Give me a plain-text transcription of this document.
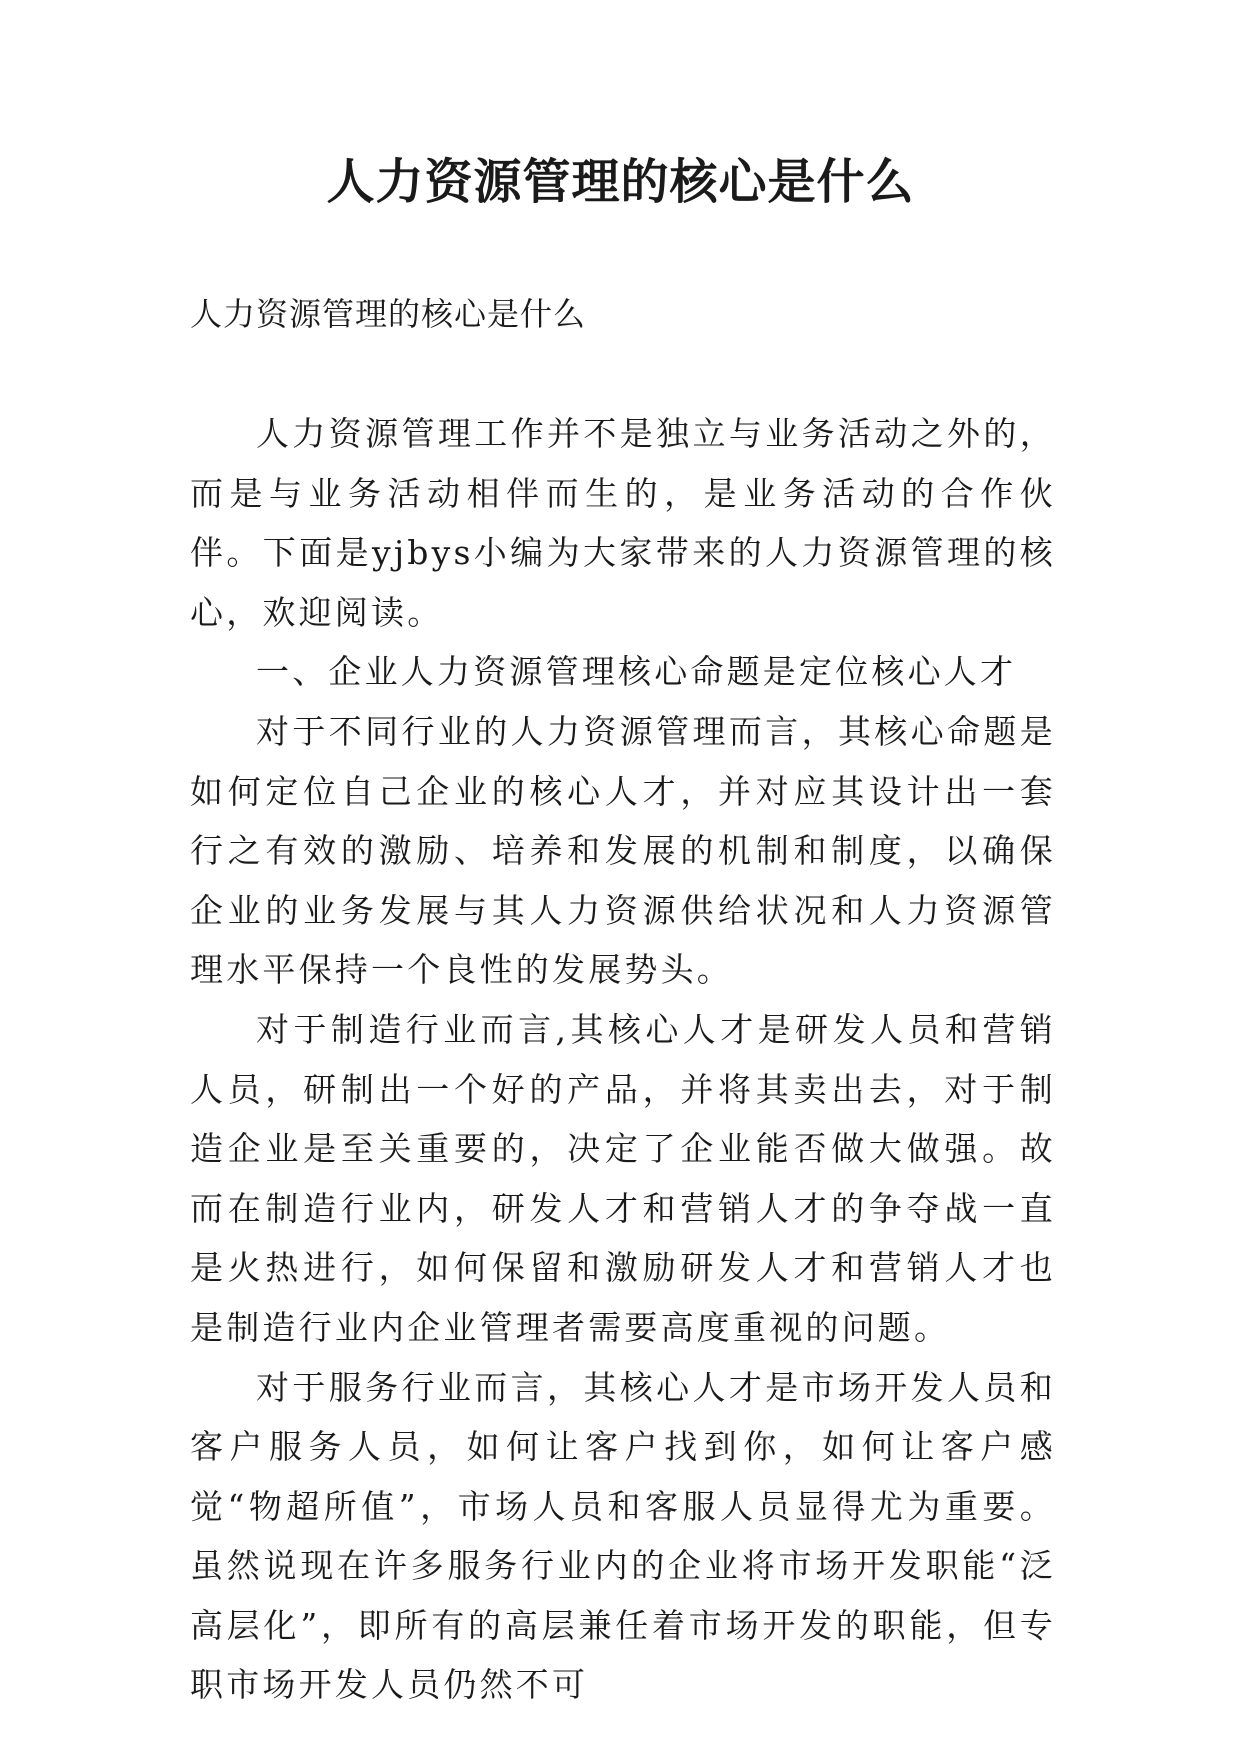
人力资源管理的核心是什么
人力资源管理的核心是什么

人力资源管理工作并不是独立与业务活动之外的，而是与业务活动相伴而生的，是业务活动的合作伙伴。下面是yjbys小编为大家带来的人力资源管理的核心，欢迎阅读。

一、企业人力资源管理核心命题是定位核心人才

对于不同行业的人力资源管理而言，其核心命题是如何定位自己企业的核心人才，并对应其设计出一套行之有效的激励、培养和发展的机制和制度，以确保企业的业务发展与其人力资源供给状况和人力资源管理水平保持一个良性的发展势头。

对于制造行业而言,其核心人才是研发人员和营销人员，研制出一个好的产品，并将其卖出去，对于制造企业是至关重要的，决定了企业能否做大做强。故而在制造行业内，研发人才和营销人才的争夺战一直是火热进行，如何保留和激励研发人才和营销人才也是制造行业内企业管理者需要高度重视的问题。

对于服务行业而言，其核心人才是市场开发人员和客户服务人员，如何让客户找到你，如何让客户感觉“物超所值”，市场人员和客服人员显得尤为重要。虽然说现在许多服务行业内的企业将市场开发职能“泛高层化”，即所有的高层兼任着市场开发的职能，但专职市场开发人员仍然不可
